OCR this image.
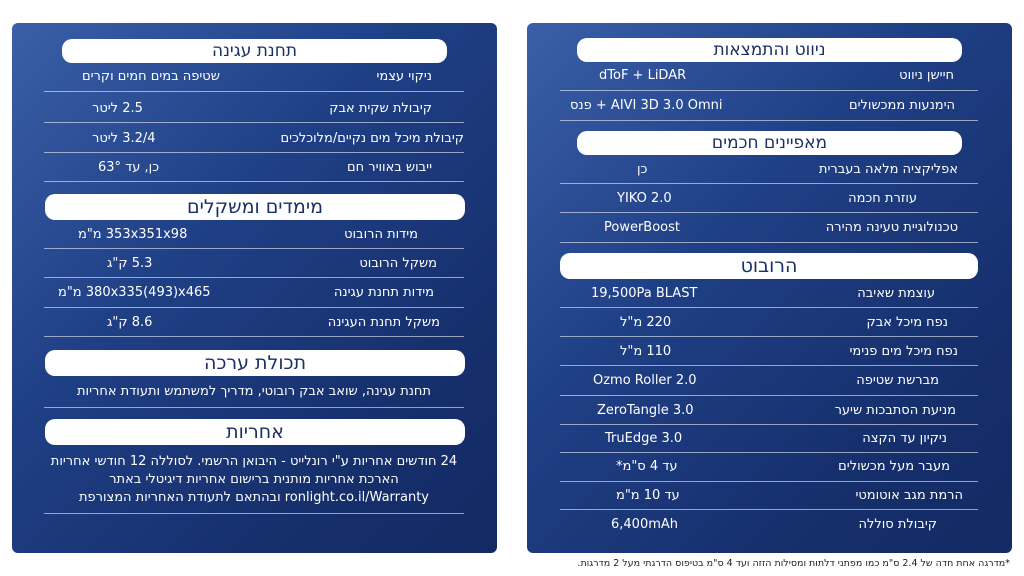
תחנת עגינה
ניקוי עצמי
שטיפה במים חמים וקרים
קיבולת שקית אבק
2.5 ליטר
קיבולת מיכל מים נקיים/מלוכלכים
3.2/4 ליטר
ייבוש באוויר חם
כן, עד 63°
מימדים ומשקלים
מידות הרובוט
353x351x98 מ"מ
משקל הרובוט
5.3 ק"ג
מידות תחנת עגינה
380x335(493)x465 מ"מ
משקל תחנת העגינה
8.6 ק"ג
תכולת ערכה
תחנת עגינה, שואב אבק רובוטי, מדריך למשתמש ותעודת אחריות
אחריות
24 חודשים אחריות ע"י רונלייט - היבואן הרשמי. לסוללה 12 חודשי אחריות
הארכת אחריות מותנית ברישום אחריות דיגיטלי באתר
ronlight.co.il/Warranty ובהתאם לתעודת האחריות המצורפת
ניווט והתמצאות
חיישן ניווט
dToF + LiDAR
הימנעות ממכשולים
AIVI 3D 3.0 Omni + פנס
מאפיינים חכמים
אפליקציה מלאה בעברית
כן
עוזרת חכמה
YIKO 2.0
טכנולוגיית טעינה מהירה
PowerBoost
הרובוט
עוצמת שאיבה
19,500Pa BLAST
נפח מיכל אבק
220 מ"ל
נפח מיכל מים פנימי
110 מ"ל
מברשת שטיפה
Ozmo Roller 2.0
מניעת הסתבכות שיער
ZeroTangle 3.0
ניקיון עד הקצה
TruEdge 3.0
מעבר מעל מכשולים
עד 4 ס"מ*
הרמת מגב אוטומטי
עד 10 מ"מ
קיבולת סוללה
6,400mAh
*מדרגה אחת חדה של 2.4 ס"מ כמו מפתני דלתות ומסילות הזזה ועד 4 ס"מ בטיפוס הדרגתי מעל 2 מדרגות.
